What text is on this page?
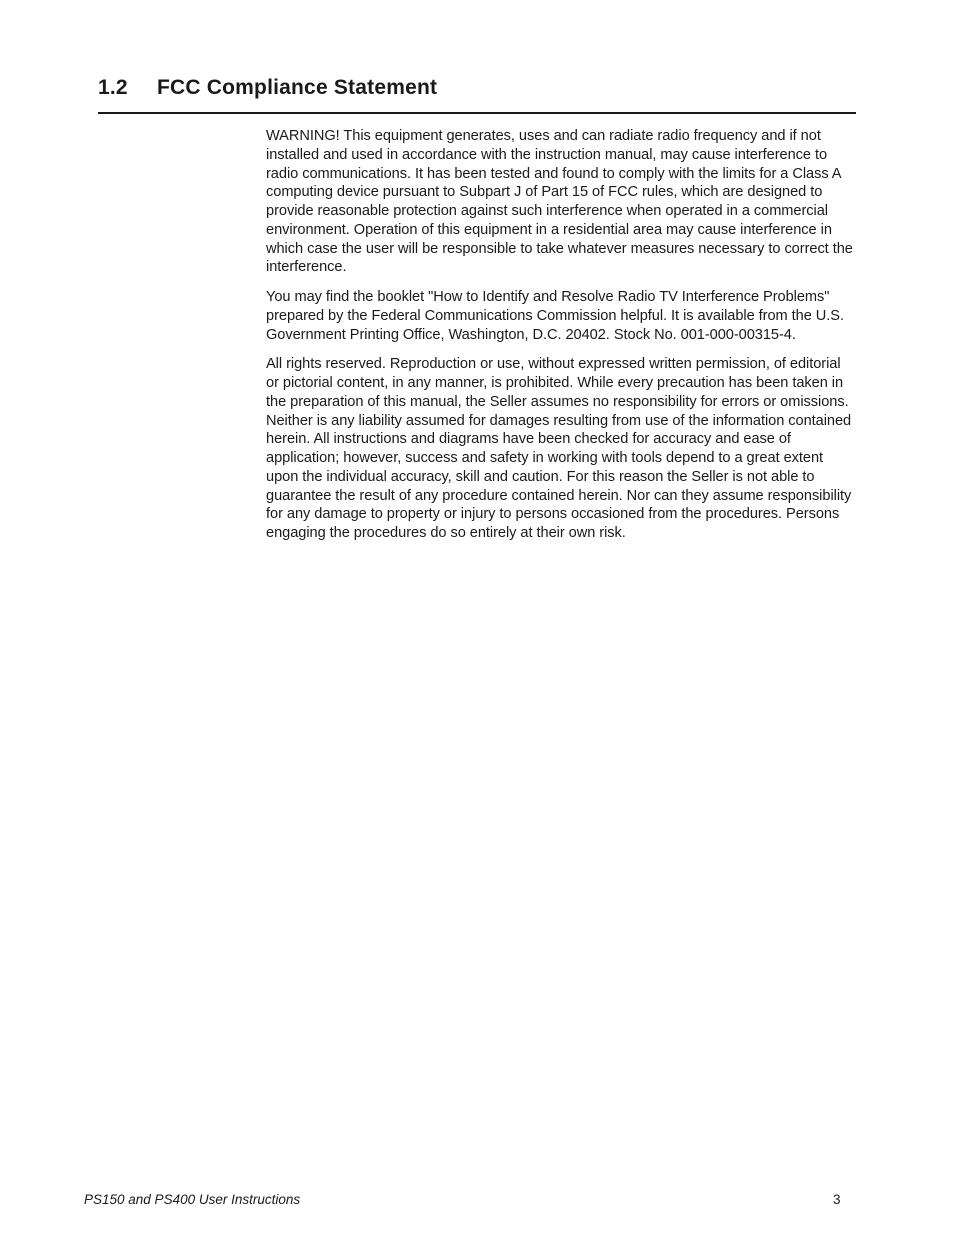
1.2 FCC Compliance Statement

WARNING! This equipment generates, uses and can radiate radio frequency and if not installed and used in accordance with the instruction manual, may cause interference to radio communications. It has been tested and found to comply with the limits for a Class A computing device pursuant to Subpart J of Part 15 of FCC rules, which are designed to provide reasonable protection against such interference when operated in a commercial environment. Operation of this equipment in a residential area may cause interference in which case the user will be responsible to take whatever measures necessary to correct the interference.

You may find the booklet "How to Identify and Resolve Radio TV Interference Problems" prepared by the Federal Communications Commission helpful. It is available from the U.S. Government Printing Office, Washington, D.C. 20402. Stock No. 001-000-00315-4.

All rights reserved. Reproduction or use, without expressed written permission, of editorial or pictorial content, in any manner, is prohibited. While every precaution has been taken in the preparation of this manual, the Seller assumes no responsibility for errors or omissions. Neither is any liability assumed for damages resulting from use of the information contained herein. All instructions and diagrams have been checked for accuracy and ease of application; however, success and safety in working with tools depend to a great extent upon the individual accuracy, skill and caution. For this reason the Seller is not able to guarantee the result of any procedure contained herein. Nor can they assume responsibility for any damage to property or injury to persons occasioned from the procedures. Persons engaging the procedures do so entirely at their own risk.

PS150 and PS400 User Instructions	3
